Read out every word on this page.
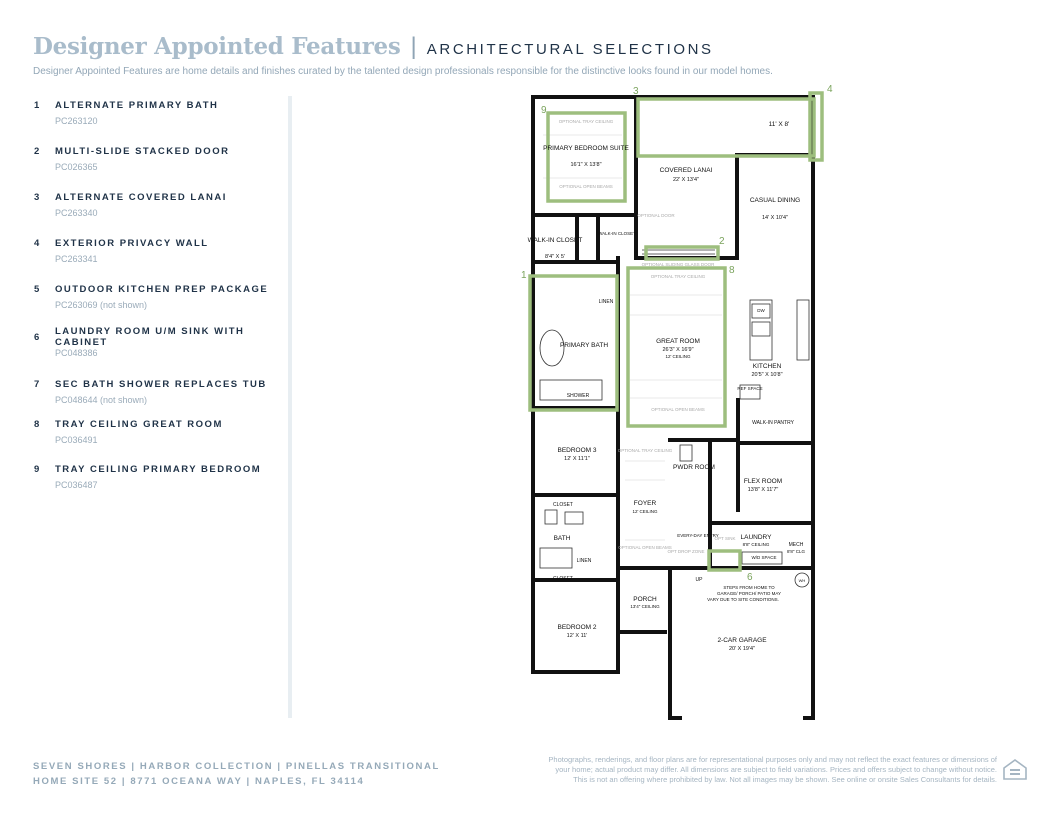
Designer Appointed Features | ARCHITECTURAL SELECTIONS
Designer Appointed Features are home details and finishes curated by the talented design professionals responsible for the distinctive looks found in our model homes.
1 ALTERNATE PRIMARY BATH
PC263120
2 MULTI-SLIDE STACKED DOOR
PC026365
3 ALTERNATE COVERED LANAI
PC263340
4 EXTERIOR PRIVACY WALL
PC263341
5 OUTDOOR KITCHEN PREP PACKAGE
PC263069 (not shown)
6
LAUNDRY ROOM U/M SINK WITH CABINET
PC048386
7 SEC BATH SHOWER REPLACES TUB
PC048644 (not shown)
8 TRAY CEILING GREAT ROOM
PC036491
9 TRAY CEILING PRIMARY BEDROOM
PC036487
1
2
3	4
6
8
9
PRIMARY BEDROOM SUITE
16'1" X 13'8"
11' X 8'
COVERED LANAI
22' X 13'4"
CASUAL DINING
14' X 10'4"
WALK-IN CLOSET
8'4" X 5'
WALK-IN CLOSET
LINEN
PRIMARY BATH
SHOWER
GREAT ROOM
26'3" X 16'9"
12' CEILING
OPTIONAL SLIDING GLASS DOOR
KITCHEN
20'5" X 10'8"
DW
REF SPACE
WALK-IN PANTRY
BEDROOM 3
12' X 11'1"
PWDR ROOM
FLEX ROOM
13'8" X 11'7"
CLOSET	FOYER
12' CEILING
OPTIONAL TRAY CEILING
OPTIONAL OPEN BEAMS
BATH	EVERY-DAY ENTRY
OPT DROP ZONE
OPT SINK LAUNDRY
8'8" CEILING	MECH
8'8" CLG
W/D SPACE
LINEN
CLOSET	UP
STEPS FROM HOME TO
GARAGE/ PORCH/ PATIO MAY
VARY DUE TO SITE CONDITIONS.
WH
PORCH
13'4" CEILING
BEDROOM 2
12' X 11'
2-CAR GARAGE
20' X 19'4"
OPTIONAL TRAY CEILING
OPTIONAL OPEN BEAMS
OPTIONAL DOOR
OPTIONAL TRAY CEILING
OPTIONAL OPEN BEAMS
SEVEN SHORES | HARBOR COLLECTION | PINELLAS TRANSITIONAL
HOME SITE 52 | 8771 OCEANA WAY | NAPLES, FL 34114
Photographs, renderings, and floor plans are for representational purposes only and may not reflect the exact features or dimensions of
your home; actual product may differ. All dimensions are subject to field variations. Prices and offers subject to change without notice.
This is not an offering where prohibited by law. Not all images may be shown. See online or onsite Sales Consultants for details.
